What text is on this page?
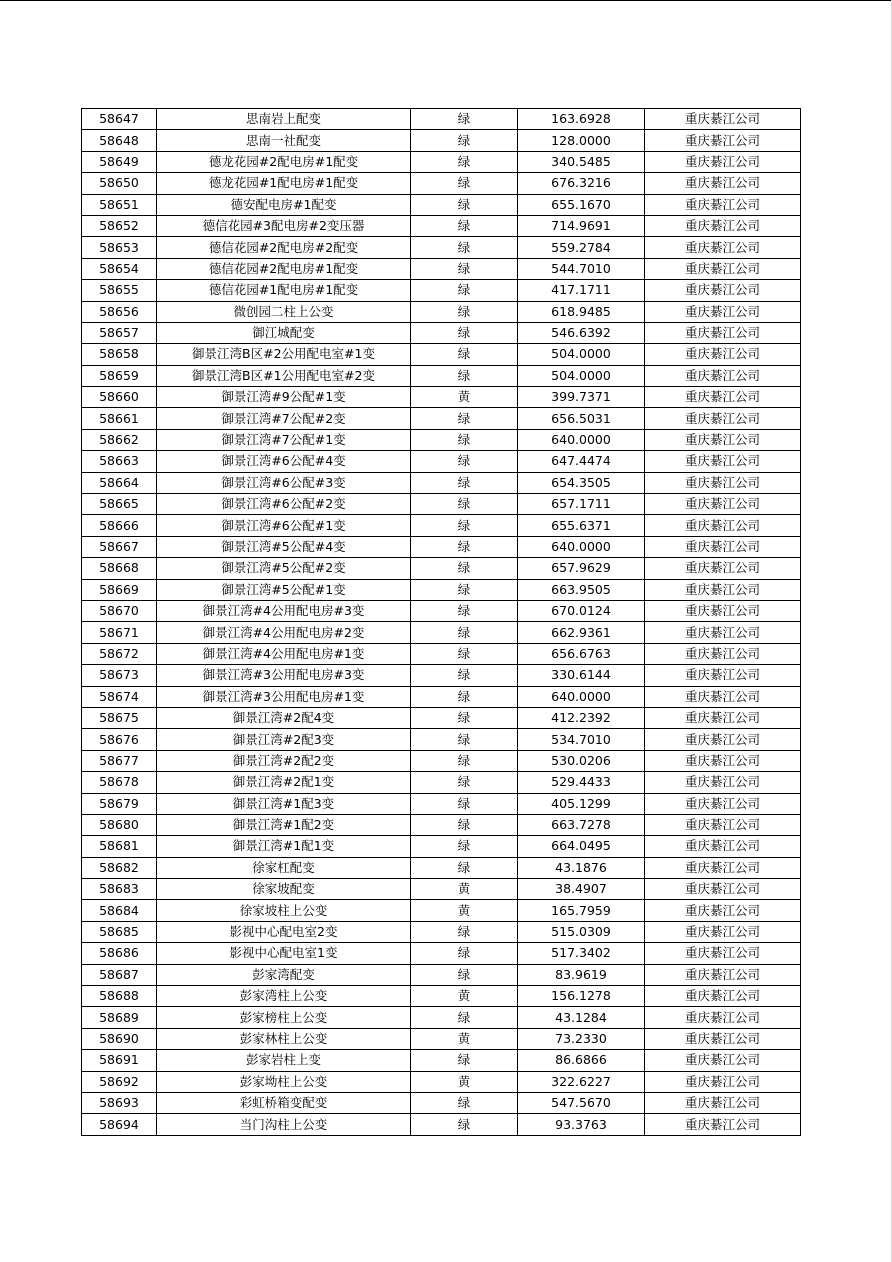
58647	思南岩上配变	绿	163.6928	重庆綦江公司
58648	思南一社配变	绿	128.0000	重庆綦江公司
58649	德龙花园#2配电房#1配变	绿	340.5485	重庆綦江公司
58650	德龙花园#1配电房#1配变	绿	676.3216	重庆綦江公司
58651	德安配电房#1配变	绿	655.1670	重庆綦江公司
58652	德信花园#3配电房#2变压器	绿	714.9691	重庆綦江公司
58653	德信花园#2配电房#2配变	绿	559.2784	重庆綦江公司
58654	德信花园#2配电房#1配变	绿	544.7010	重庆綦江公司
58655	德信花园#1配电房#1配变	绿	417.1711	重庆綦江公司
58656	微创园二柱上公变	绿	618.9485	重庆綦江公司
58657	御江城配变	绿	546.6392	重庆綦江公司
58658	御景江湾B区#2公用配电室#1变	绿	504.0000	重庆綦江公司
58659	御景江湾B区#1公用配电室#2变	绿	504.0000	重庆綦江公司
58660	御景江湾#9公配#1变	黄	399.7371	重庆綦江公司
58661	御景江湾#7公配#2变	绿	656.5031	重庆綦江公司
58662	御景江湾#7公配#1变	绿	640.0000	重庆綦江公司
58663	御景江湾#6公配#4变	绿	647.4474	重庆綦江公司
58664	御景江湾#6公配#3变	绿	654.3505	重庆綦江公司
58665	御景江湾#6公配#2变	绿	657.1711	重庆綦江公司
58666	御景江湾#6公配#1变	绿	655.6371	重庆綦江公司
58667	御景江湾#5公配#4变	绿	640.0000	重庆綦江公司
58668	御景江湾#5公配#2变	绿	657.9629	重庆綦江公司
58669	御景江湾#5公配#1变	绿	663.9505	重庆綦江公司
58670	御景江湾#4公用配电房#3变	绿	670.0124	重庆綦江公司
58671	御景江湾#4公用配电房#2变	绿	662.9361	重庆綦江公司
58672	御景江湾#4公用配电房#1变	绿	656.6763	重庆綦江公司
58673	御景江湾#3公用配电房#3变	绿	330.6144	重庆綦江公司
58674	御景江湾#3公用配电房#1变	绿	640.0000	重庆綦江公司
58675	御景江湾#2配4变	绿	412.2392	重庆綦江公司
58676	御景江湾#2配3变	绿	534.7010	重庆綦江公司
58677	御景江湾#2配2变	绿	530.0206	重庆綦江公司
58678	御景江湾#2配1变	绿	529.4433	重庆綦江公司
58679	御景江湾#1配3变	绿	405.1299	重庆綦江公司
58680	御景江湾#1配2变	绿	663.7278	重庆綦江公司
58681	御景江湾#1配1变	绿	664.0495	重庆綦江公司
58682	徐家杠配变	绿	43.1876	重庆綦江公司
58683	徐家坡配变	黄	38.4907	重庆綦江公司
58684	徐家坡柱上公变	黄	165.7959	重庆綦江公司
58685	影视中心配电室2变	绿	515.0309	重庆綦江公司
58686	影视中心配电室1变	绿	517.3402	重庆綦江公司
58687	彭家湾配变	绿	83.9619	重庆綦江公司
58688	彭家湾柱上公变	黄	156.1278	重庆綦江公司
58689	彭家榜柱上公变	绿	43.1284	重庆綦江公司
58690	彭家林柱上公变	黄	73.2330	重庆綦江公司
58691	彭家岩柱上变	绿	86.6866	重庆綦江公司
58692	彭家坳柱上公变	黄	322.6227	重庆綦江公司
58693	彩虹桥箱变配变	绿	547.5670	重庆綦江公司
58694	当门沟柱上公变	绿	93.3763	重庆綦江公司
